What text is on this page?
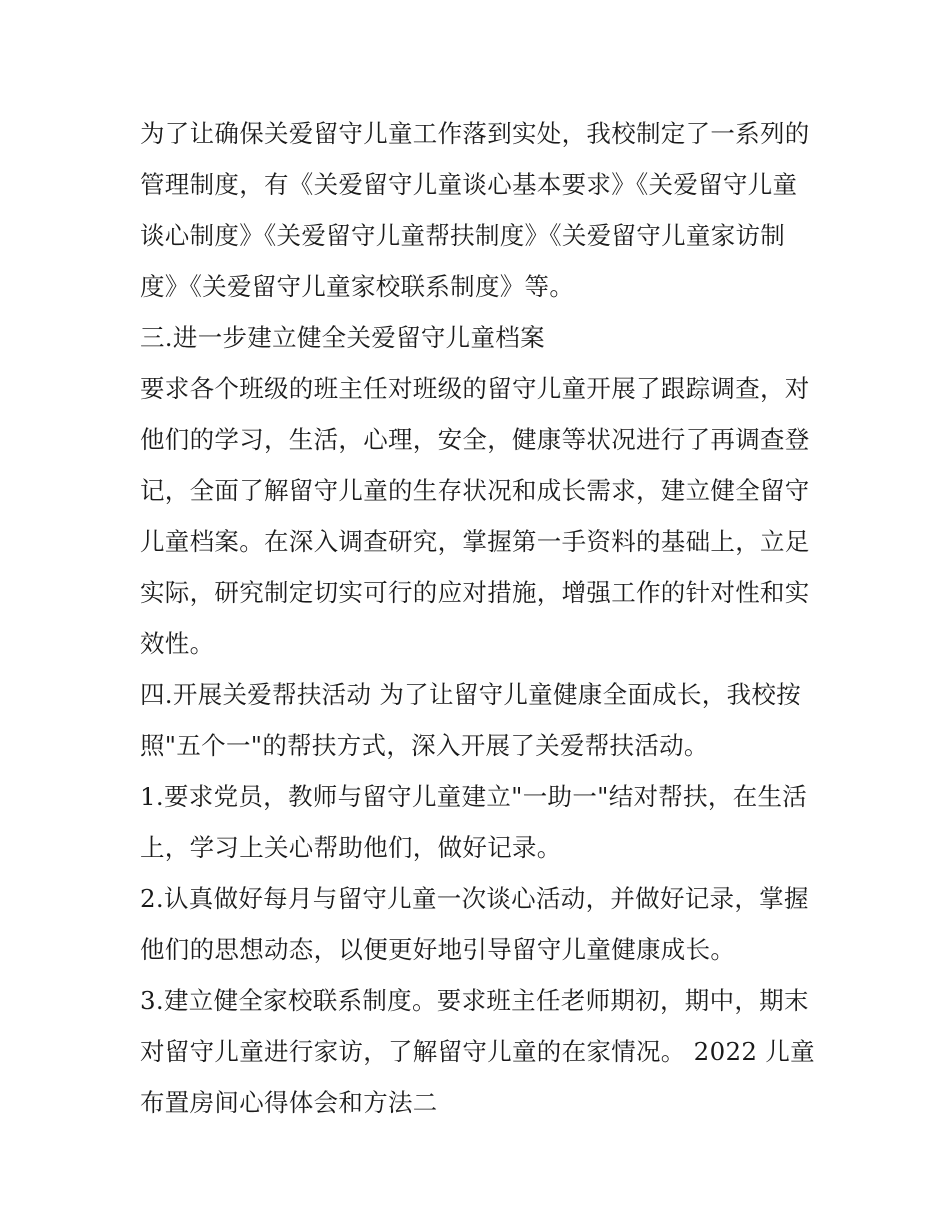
为了让确保关爱留守儿童工作落到实处，我校制定了一系列的
管理制度，有《关爱留守儿童谈心基本要求》《关爱留守儿童
谈心制度》《关爱留守儿童帮扶制度》《关爱留守儿童家访制
度》《关爱留守儿童家校联系制度》等。
三.进一步建立健全关爱留守儿童档案
要求各个班级的班主任对班级的留守儿童开展了跟踪调查，对
他们的学习，生活，心理，安全，健康等状况进行了再调查登
记，全面了解留守儿童的生存状况和成长需求，建立健全留守
儿童档案。在深入调查研究，掌握第一手资料的基础上，立足
实际，研究制定切实可行的应对措施，增强工作的针对性和实
效性。
四.开展关爱帮扶活动 为了让留守儿童健康全面成长，我校按
照"五个一"的帮扶方式，深入开展了关爱帮扶活动。
1.要求党员，教师与留守儿童建立"一助一"结对帮扶，在生活
上，学习上关心帮助他们，做好记录。
2.认真做好每月与留守儿童一次谈心活动，并做好记录，掌握
他们的思想动态，以便更好地引导留守儿童健康成长。
3.建立健全家校联系制度。要求班主任老师期初，期中，期末
对留守儿童进行家访，了解留守儿童的在家情况。 2022 儿童
布置房间心得体会和方法二
